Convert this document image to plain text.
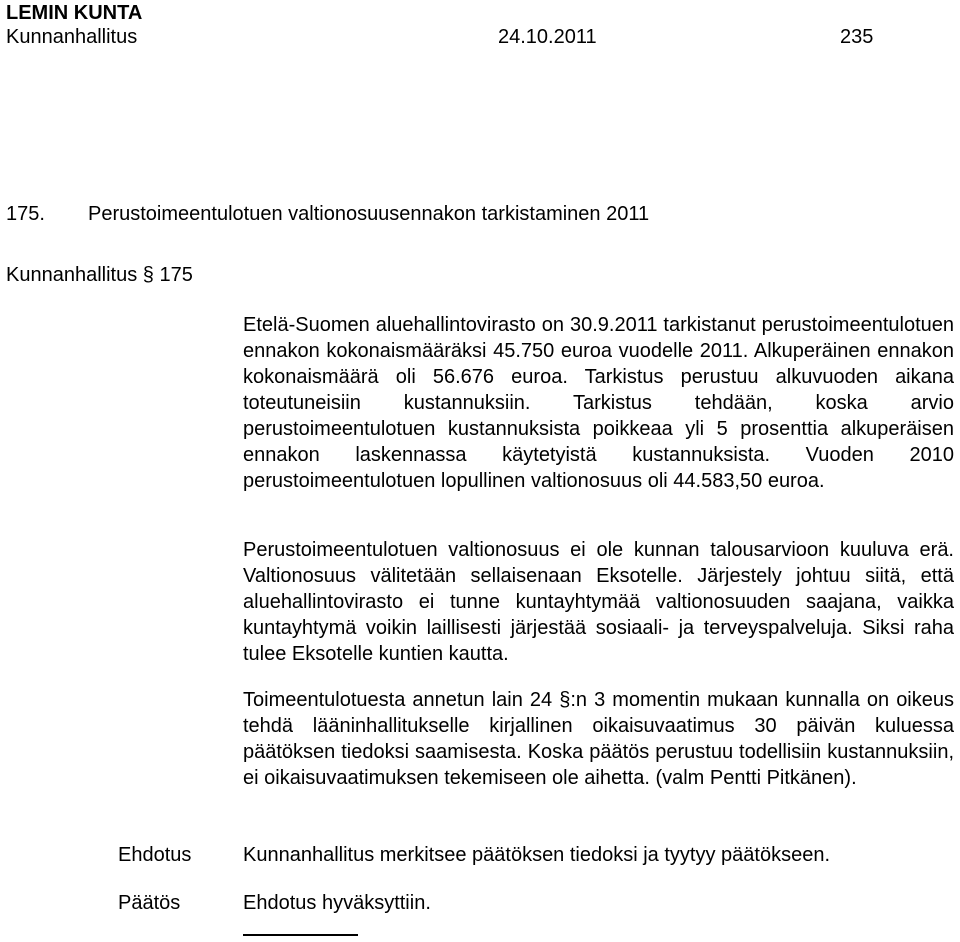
LEMIN KUNTA
Kunnanhallitus	24.10.2011	235
175. Perustoimeentulotuen valtionosuusennakon tarkistaminen 2011
Kunnanhallitus § 175

Etelä-Suomen aluehallintovirasto on 30.9.2011 tarkistanut perustoimeentulotuen ennakon kokonaismääräksi 45.750 euroa vuodelle 2011. Alkuperäinen ennakon kokonaismäärä oli 56.676 euroa. Tarkistus perustuu alkuvuoden aikana toteutuneisiin kustannuksiin. Tarkistus tehdään, koska arvio perustoimeentulotuen kustannuksista poikkeaa yli 5 prosenttia alkuperäisen ennakon laskennassa käytetyistä kustannuksista. Vuoden 2010 perustoimeentulotuen lopullinen valtionosuus oli 44.583,50 euroa.

Perustoimeentulotuen valtionosuus ei ole kunnan talousarvioon kuuluva erä. Valtionosuus välitetään sellaisenaan Eksotelle. Järjestely johtuu siitä, että aluehallintovirasto ei tunne kuntayhtymää valtionosuuden saajana, vaikka kuntayhtymä voikin laillisesti järjestää sosiaali- ja terveyspalveluja. Siksi raha tulee Eksotelle kuntien kautta.

Toimeentulotuesta annetun lain 24 §:n 3 momentin mukaan kunnalla on oikeus tehdä lääninhallitukselle kirjallinen oikaisuvaatimus 30 päivän kuluessa päätöksen tiedoksi saamisesta. Koska päätös perustuu todellisiin kustannuksiin, ei oikaisuvaatimuksen tekemiseen ole aihetta. (valm Pentti Pitkänen).

Ehdotus	Kunnanhallitus merkitsee päätöksen tiedoksi ja tyytyy päätökseen.
Päätös	Ehdotus hyväksyttiin.
